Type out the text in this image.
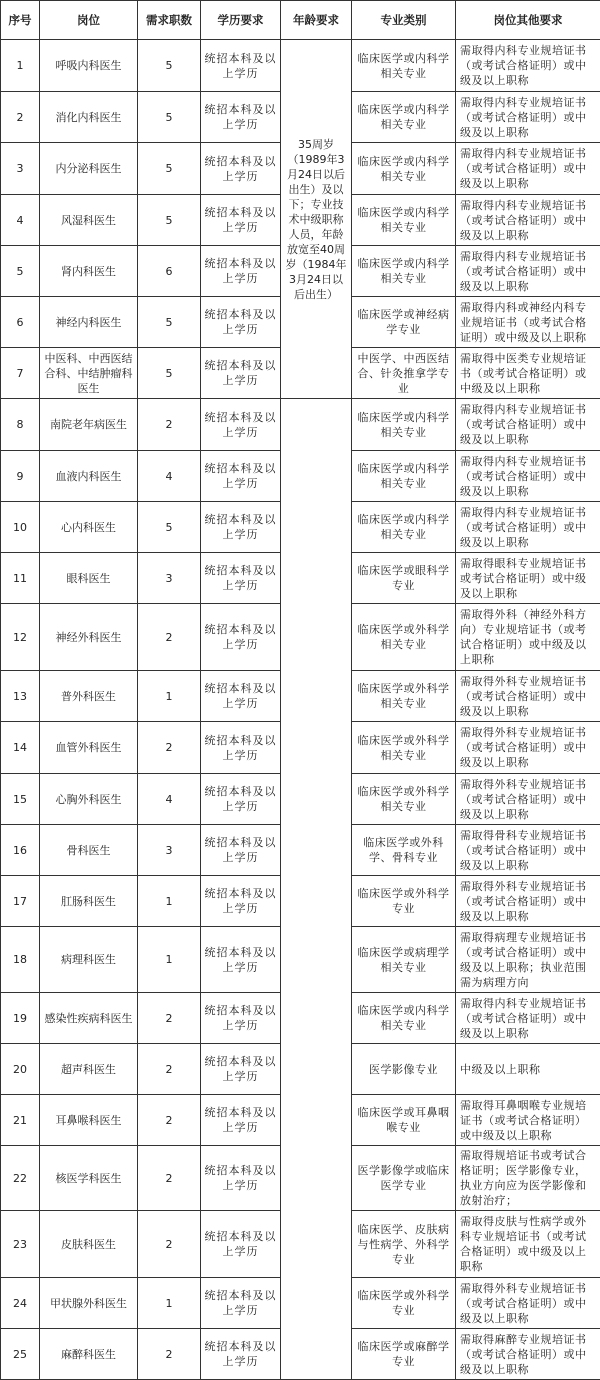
序号	岗位	需求职数	学历要求	年龄要求	专业类别	岗位其他要求
1	呼吸内科医生	5	统招本科及以上学历	35周岁（1989年3月24日以后出生）及以下；专业技术中级职称人员，年龄放宽至40周岁（1984年3月24日以后出生）	临床医学或内科学相关专业	需取得内科专业规培证书（或考试合格证明）或中级及以上职称
2	消化内科医生	5	统招本科及以上学历		临床医学或内科学相关专业	需取得内科专业规培证书（或考试合格证明）或中级及以上职称
3	内分泌科医生	5	统招本科及以上学历		临床医学或内科学相关专业	需取得内科专业规培证书（或考试合格证明）或中级及以上职称
4	风湿科医生	5	统招本科及以上学历		临床医学或内科学相关专业	需取得内科专业规培证书（或考试合格证明）或中级及以上职称
5	肾内科医生	6	统招本科及以上学历		临床医学或内科学相关专业	需取得内科专业规培证书（或考试合格证明）或中级及以上职称
6	神经内科医生	5	统招本科及以上学历		临床医学或神经病学专业	需取得内科或神经内科专业规培证书（或考试合格证明）或中级及以上职称
7	中医科、中西医结合科、中结肿瘤科医生	5	统招本科及以上学历		中医学、中西医结合、针灸推拿学专业	需取得中医类专业规培证书（或考试合格证明）或中级及以上职称
8	南院老年病医生	2	统招本科及以上学历		临床医学或内科学相关专业	需取得内科专业规培证书（或考试合格证明）或中级及以上职称
9	血液内科医生	4	统招本科及以上学历		临床医学或内科学相关专业	需取得内科专业规培证书（或考试合格证明）或中级及以上职称
10	心内科医生	5	统招本科及以上学历		临床医学或内科学相关专业	需取得内科专业规培证书（或考试合格证明）或中级及以上职称
11	眼科医生	3	统招本科及以上学历		临床医学或眼科学专业	需取得眼科专业规培证书或考试合格证明）或中级及以上职称
12	神经外科医生	2	统招本科及以上学历		临床医学或外科学相关专业	需取得外科（神经外科方向）专业规培证书（或考试合格证明）或中级及以上职称
13	普外科医生	1	统招本科及以上学历		临床医学或外科学相关专业	需取得外科专业规培证书（或考试合格证明）或中级及以上职称
14	血管外科医生	2	统招本科及以上学历		临床医学或外科学相关专业	需取得外科专业规培证书（或考试合格证明）或中级及以上职称
15	心胸外科医生	4	统招本科及以上学历		临床医学或外科学相关专业	需取得外科专业规培证书（或考试合格证明）或中级及以上职称
16	骨科医生	3	统招本科及以上学历		临床医学或外科学、骨科专业	需取得骨科专业规培证书（或考试合格证明）或中级及以上职称
17	肛肠科医生	1	统招本科及以上学历		临床医学或外科学专业	需取得外科专业规培证书（或考试合格证明）或中级及以上职称
18	病理科医生	1	统招本科及以上学历		临床医学或病理学相关专业	需取得病理专业规培证书（或考试合格证明）或中级及以上职称；执业范围需为病理方向
19	感染性疾病科医生	2	统招本科及以上学历		临床医学或内科学相关专业	需取得内科专业规培证书（或考试合格证明）或中级及以上职称
20	超声科医生	2	统招本科及以上学历		医学影像专业	中级及以上职称
21	耳鼻喉科医生	2	统招本科及以上学历		临床医学或耳鼻咽喉专业	需取得耳鼻咽喉专业规培证书（或考试合格证明）或中级及以上职称
22	核医学科医生	2	统招本科及以上学历		医学影像学或临床医学专业	需取得规培证书或考试合格证明；医学影像专业，执业方向应为医学影像和放射治疗；
23	皮肤科医生	2	统招本科及以上学历		临床医学、皮肤病与性病学、外科学专业	需取得皮肤与性病学或外科专业规培证书（或考试合格证明）或中级及以上职称
24	甲状腺外科医生	1	统招本科及以上学历		临床医学或外科学专业	需取得外科专业规培证书（或考试合格证明）或中级及以上职称
25	麻醉科医生	2	统招本科及以上学历		临床医学或麻醉学专业	需取得麻醉专业规培证书（或考试合格证明）或中级及以上职称
